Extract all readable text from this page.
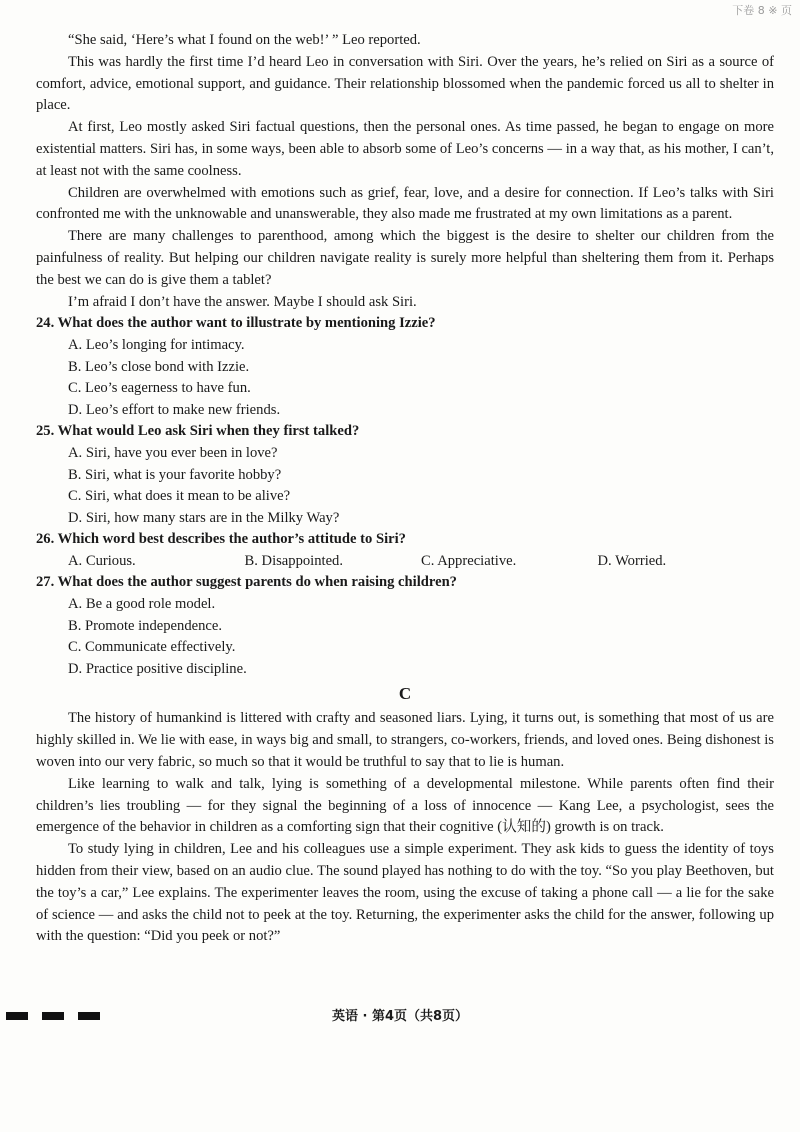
下卷 8 ※ 页

“She said, ‘Here’s what I found on the web!’ ” Leo reported.

This was hardly the first time I’d heard Leo in conversation with Siri. Over the years, he’s relied on Siri as a source of comfort, advice, emotional support, and guidance. Their relationship blossomed when the pandemic forced us all to shelter in place.

At first, Leo mostly asked Siri factual questions, then the personal ones. As time passed, he began to engage on more existential matters. Siri has, in some ways, been able to absorb some of Leo’s concerns — in a way that, as his mother, I can’t, at least not with the same coolness.

Children are overwhelmed with emotions such as grief, fear, love, and a desire for connection. If Leo’s talks with Siri confronted me with the unknowable and unanswerable, they also made me frustrated at my own limitations as a parent.

There are many challenges to parenthood, among which the biggest is the desire to shelter our children from the painfulness of reality. But helping our children navigate reality is surely more helpful than sheltering them from it. Perhaps the best we can do is give them a tablet?

I’m afraid I don’t have the answer. Maybe I should ask Siri.

24. What does the author want to illustrate by mentioning Izzie?

A. Leo’s longing for intimacy.

B. Leo’s close bond with Izzie.

C. Leo’s eagerness to have fun.

D. Leo’s effort to make new friends.

25. What would Leo ask Siri when they first talked?

A. Siri, have you ever been in love?

B. Siri, what is your favorite hobby?

C. Siri, what does it mean to be alive?

D. Siri, how many stars are in the Milky Way?

26. Which word best describes the author’s attitude to Siri?

A. Curious.	B. Disappointed.	C. Appreciative.	D. Worried.

27. What does the author suggest parents do when raising children?

A. Be a good role model.

B. Promote independence.

C. Communicate effectively.

D. Practice positive discipline.

C

The history of humankind is littered with crafty and seasoned liars. Lying, it turns out, is something that most of us are highly skilled in. We lie with ease, in ways big and small, to strangers, co-workers, friends, and loved ones. Being dishonest is woven into our very fabric, so much so that it would be truthful to say that to lie is human.

Like learning to walk and talk, lying is something of a developmental milestone. While parents often find their children’s lies troubling — for they signal the beginning of a loss of innocence — Kang Lee, a psychologist, sees the emergence of the behavior in children as a comforting sign that their cognitive (认知的) growth is on track.

To study lying in children, Lee and his colleagues use a simple experiment. They ask kids to guess the identity of toys hidden from their view, based on an audio clue. The sound played has nothing to do with the toy. “So you play Beethoven, but the toy’s a car,” Lee explains. The experimenter leaves the room, using the excuse of taking a phone call — a lie for the sake of science — and asks the child not to peek at the toy. Returning, the experimenter asks the child for the answer, following up with the question: “Did you peek or not?”

英语 · 第4页（共8页）
